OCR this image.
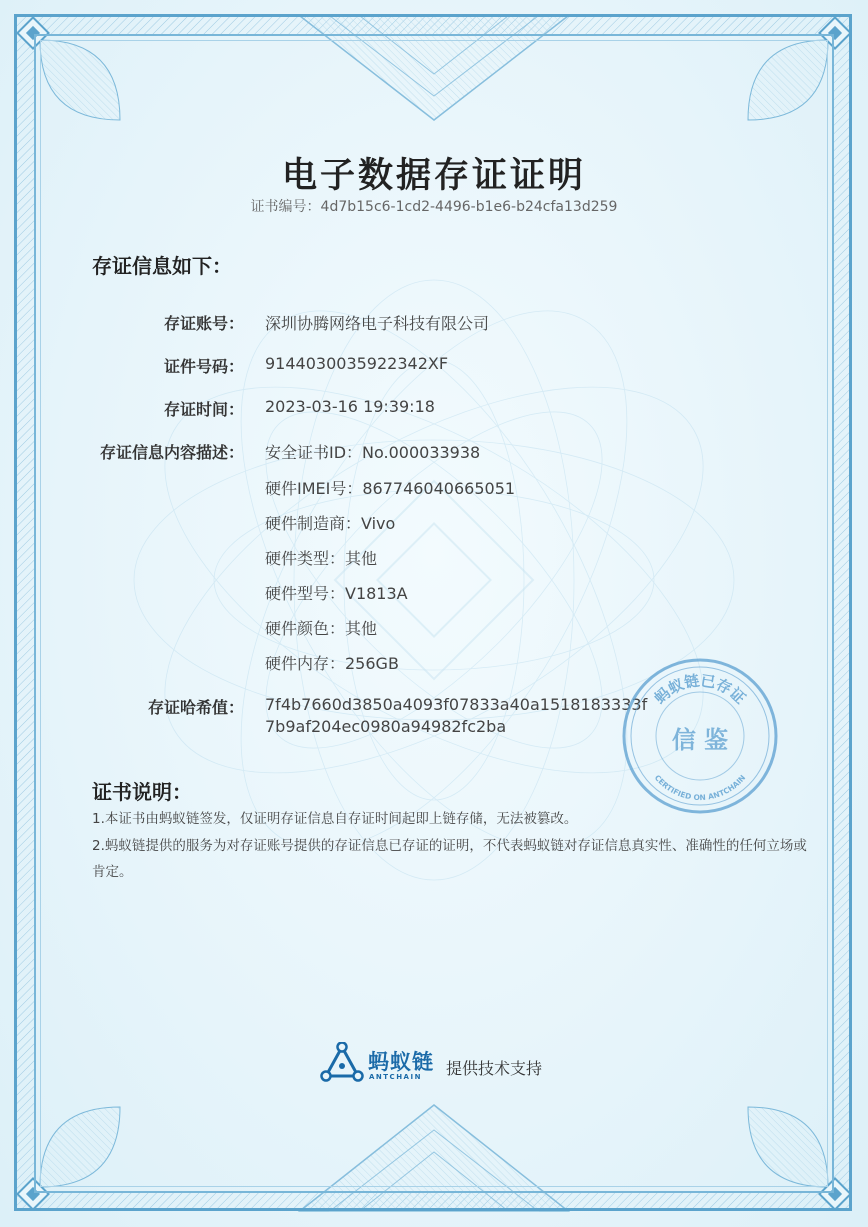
电子数据存证证明
证书编号：4d7b15c6-1cd2-4496-b1e6-b24cfa13d259
存证信息如下：
存证账号： 深圳协腾网络电子科技有限公司
证件号码： 9144030035922342XF
存证时间： 2023-03-16 19:39:18
存证信息内容描述： 安全证书ID：No.000033938
硬件IMEI号：867746040665051
硬件制造商：Vivo
硬件类型：其他
硬件型号：V1813A
硬件颜色：其他
硬件内存：256GB
存证哈希值： 7f4b7660d3850a4093f07833a40a1518183333f
7b9af204ec0980a94982fc2ba
蚂蚁链已存证
信 鉴
CERTIFIED ON ANTCHAIN
证书说明：
1.本证书由蚂蚁链签发，仅证明存证信息自存证时间起即上链存储，无法被篡改。
2.蚂蚁链提供的服务为对存证账号提供的存证信息已存证的证明，不代表蚂蚁链对存证信息真实性、准确性的任何立场或肯定。
蚂蚁链
ANTCHAIN 提供技术支持
